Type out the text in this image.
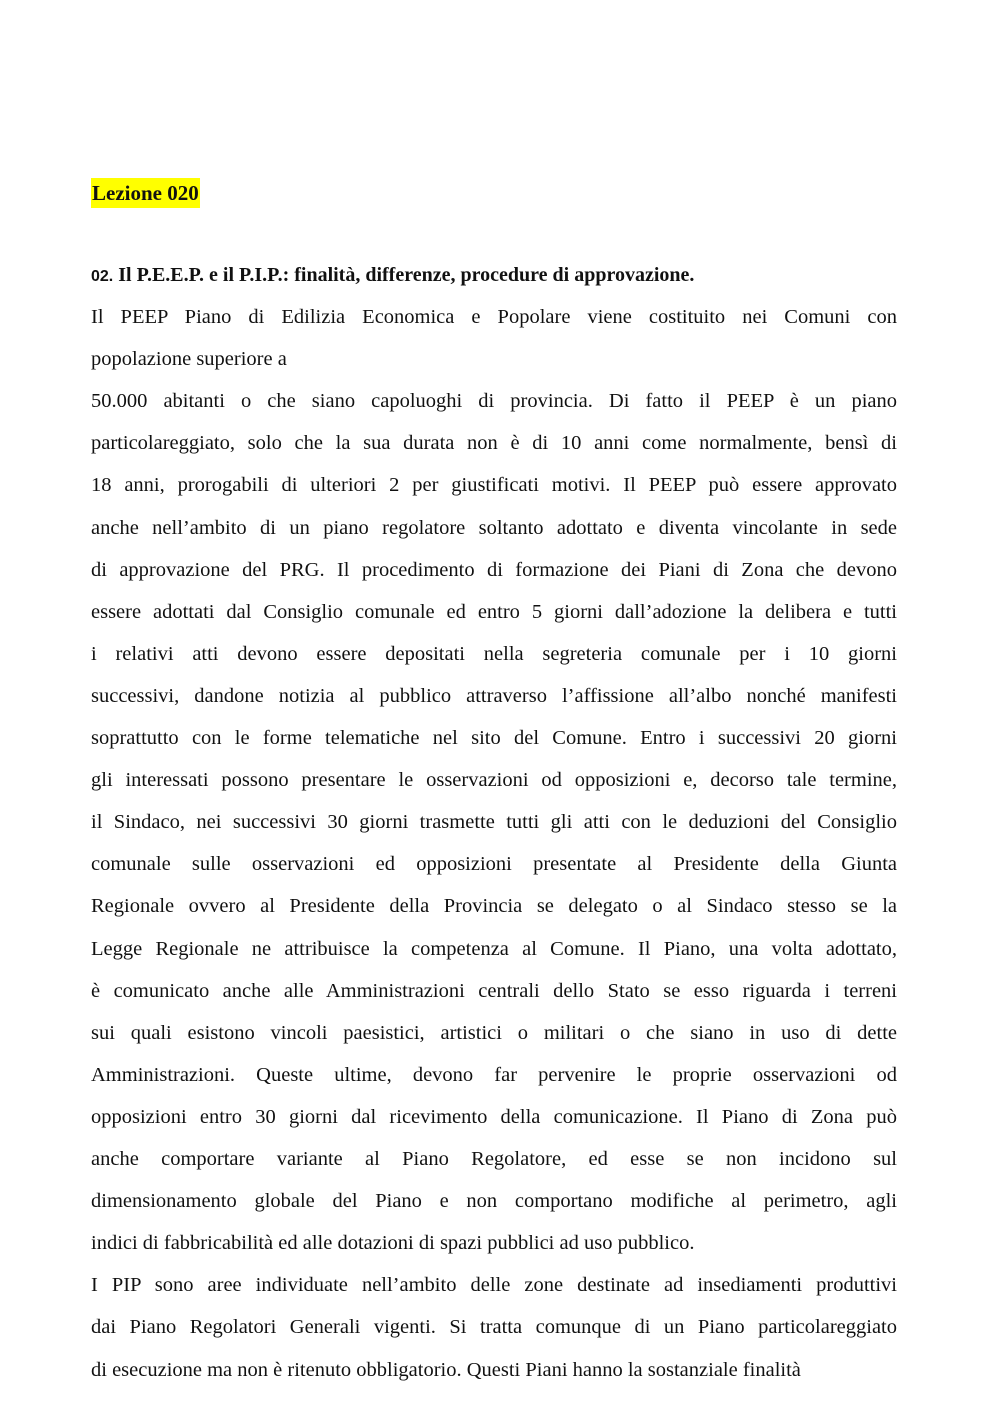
Lezione 020
02. Il P.E.E.P. e il P.I.P.: finalità, differenze, procedure di approvazione.

Il PEEP Piano di Edilizia Economica e Popolare viene costituito nei Comuni con

popolazione superiore a

50.000 abitanti o che siano capoluoghi di provincia. Di fatto il PEEP è un piano

particolareggiato, solo che la sua durata non è di 10 anni come normalmente, bensì di

18 anni, prorogabili di ulteriori 2 per giustificati motivi. Il PEEP può essere approvato

anche nell’ambito di un piano regolatore soltanto adottato e diventa vincolante in sede

di approvazione del PRG. Il procedimento di formazione dei Piani di Zona che devono

essere adottati dal Consiglio comunale ed entro 5 giorni dall’adozione la delibera e tutti

i relativi atti devono essere depositati nella segreteria comunale per i 10 giorni

successivi, dandone notizia al pubblico attraverso l’affissione all’albo nonché manifesti

soprattutto con le forme telematiche nel sito del Comune. Entro i successivi 20 giorni

gli interessati possono presentare le osservazioni od opposizioni e, decorso tale termine,

il Sindaco, nei successivi 30 giorni trasmette tutti gli atti con le deduzioni del Consiglio

comunale sulle osservazioni ed opposizioni presentate al Presidente della Giunta

Regionale ovvero al Presidente della Provincia se delegato o al Sindaco stesso se la

Legge Regionale ne attribuisce la competenza al Comune. Il Piano, una volta adottato,

è comunicato anche alle Amministrazioni centrali dello Stato se esso riguarda i terreni

sui quali esistono vincoli paesistici, artistici o militari o che siano in uso di dette

Amministrazioni. Queste ultime, devono far pervenire le proprie osservazioni od

opposizioni entro 30 giorni dal ricevimento della comunicazione. Il Piano di Zona può

anche comportare variante al Piano Regolatore, ed esse se non incidono sul

dimensionamento globale del Piano e non comportano modifiche al perimetro, agli

indici di fabbricabilità ed alle dotazioni di spazi pubblici ad uso pubblico.

I PIP sono aree individuate nell’ambito delle zone destinate ad insediamenti produttivi

dai Piano Regolatori Generali vigenti. Si tratta comunque di un Piano particolareggiato

di esecuzione ma non è ritenuto obbligatorio. Questi Piani hanno la sostanziale finalità
